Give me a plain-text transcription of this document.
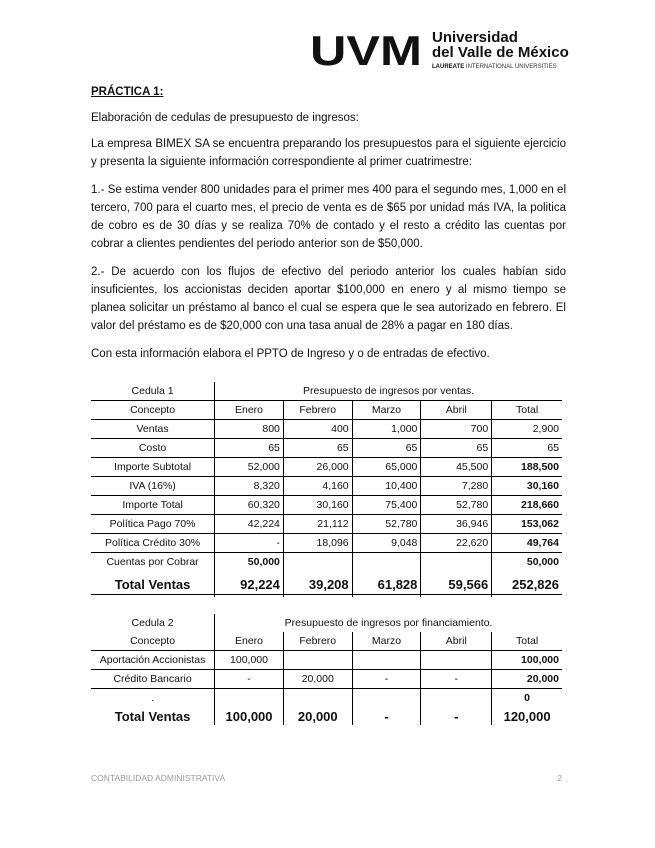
UVM Universidad
del Valle de México
LAUREATE INTERNATIONAL UNIVERSITIES

PRÁCTICA 1:

Elaboración de cedulas de presupuesto de ingresos:

La empresa BIMEX SA se encuentra preparando los presupuestos para el siguiente ejercicio y presenta la siguiente información correspondiente al primer cuatrimestre:

1.- Se estima vender 800 unidades para el primer mes 400 para el segundo mes, 1,000 en el tercero, 700 para el cuarto mes, el precio de venta es de $65 por unidad más IVA, la politica de cobro es de 30 días y se realiza 70% de contado y el resto a crédito las cuentas por cobrar a clientes pendientes del periodo anterior son de $50,000.

2.- De acuerdo con los flujos de efectivo del periodo anterior los cuales habían sido insuficientes, los accionistas deciden aportar $100,000 en enero y al mismo tiempo se planea solicitar un préstamo al banco el cual se espera que le sea autorizado en febrero. El valor del préstamo es de $20,000 con una tasa anual de 28% a pagar en 180 días.

Con esta información elabora el PPTO de Ingreso y o de entradas de efectivo.

Cedula 1	Presupuesto de ingresos por ventas.				
Concepto	Enero	Febrero	Marzo	Abril	Total
Ventas	800	400	1,000	700	2,900
Costo	65	65	65	65	65
Importe Subtotal	52,000	26,000	65,000	45,500	188,500
IVA (16%)	8,320	4,160	10,400	7,280	30,160
Importe Total	60,320	30,160	75,400	52,780	218,660
Política Pago 70%	42,224	21,112	52,780	36,946	153,062
Política Crédito 30%	-	18,096	9,048	22,620	49,764
Cuentas por Cobrar	50,000				50,000
Total Ventas	92,224	39,208	61,828	59,566	252,826
Cedula 2	Presupuesto de ingresos por financiamiento.				
Concepto	Enero	Febrero	Marzo	Abril	Total
Aportación Accionistas	100,000				100,000
Crédito Bancario	-	20,000	-	-	20,000
.					0
Total Ventas	100,000	20,000	-	-	120,000
CONTABILIDAD ADMINISTRATIVA	2
